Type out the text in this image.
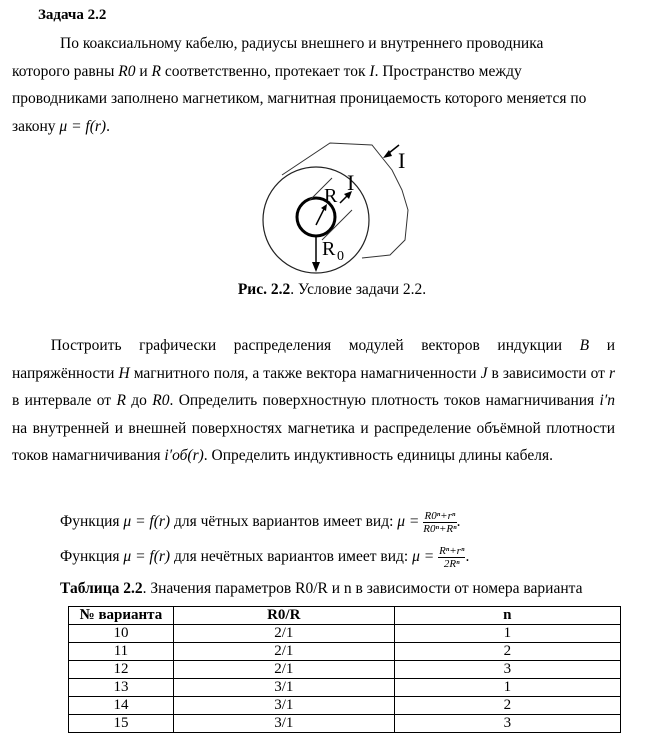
Задача 2.2
По коаксиальному кабелю, радиусы внешнего и внутреннего проводника
которого равны R0 и R соответственно, протекает ток I. Пространство между
проводниками заполнено магнетиком, магнитная проницаемость которого меняется по
закону μ = f(r).
I
I
R
R 0
Рис. 2.2. Условие задачи 2.2.
   Построить графически распределения модулей векторов индукции B и напряжённости H магнитного поля, а также вектора намагниченности J в зависимости от r в интервале от R до R0. Определить поверхностную плотность токов намагничивания i′п на внутренней и внешней поверхностях магнетика и распределение объёмной плотности токов намагничивания i′об(r). Определить индуктивность единицы длины кабеля.
Функция μ = f(r) для чётных вариантов имеет вид: $\mu = \frac{\text{R0ⁿ+rⁿ}}{\text{R0ⁿ+Rⁿ}}$ .
Функция μ = f(r) для нечётных вариантов имеет вид: $\mu = \frac{\text{Rⁿ+rⁿ}}{\text{2Rⁿ}}$ .
Таблица 2.2. Значения параметров R0/R и n в зависимости от номера варианта
№ варианта	R0/R	n
10	2/1	1
11	2/1	2
12	2/1	3
13	3/1	1
14	3/1	2
15	3/1	3
